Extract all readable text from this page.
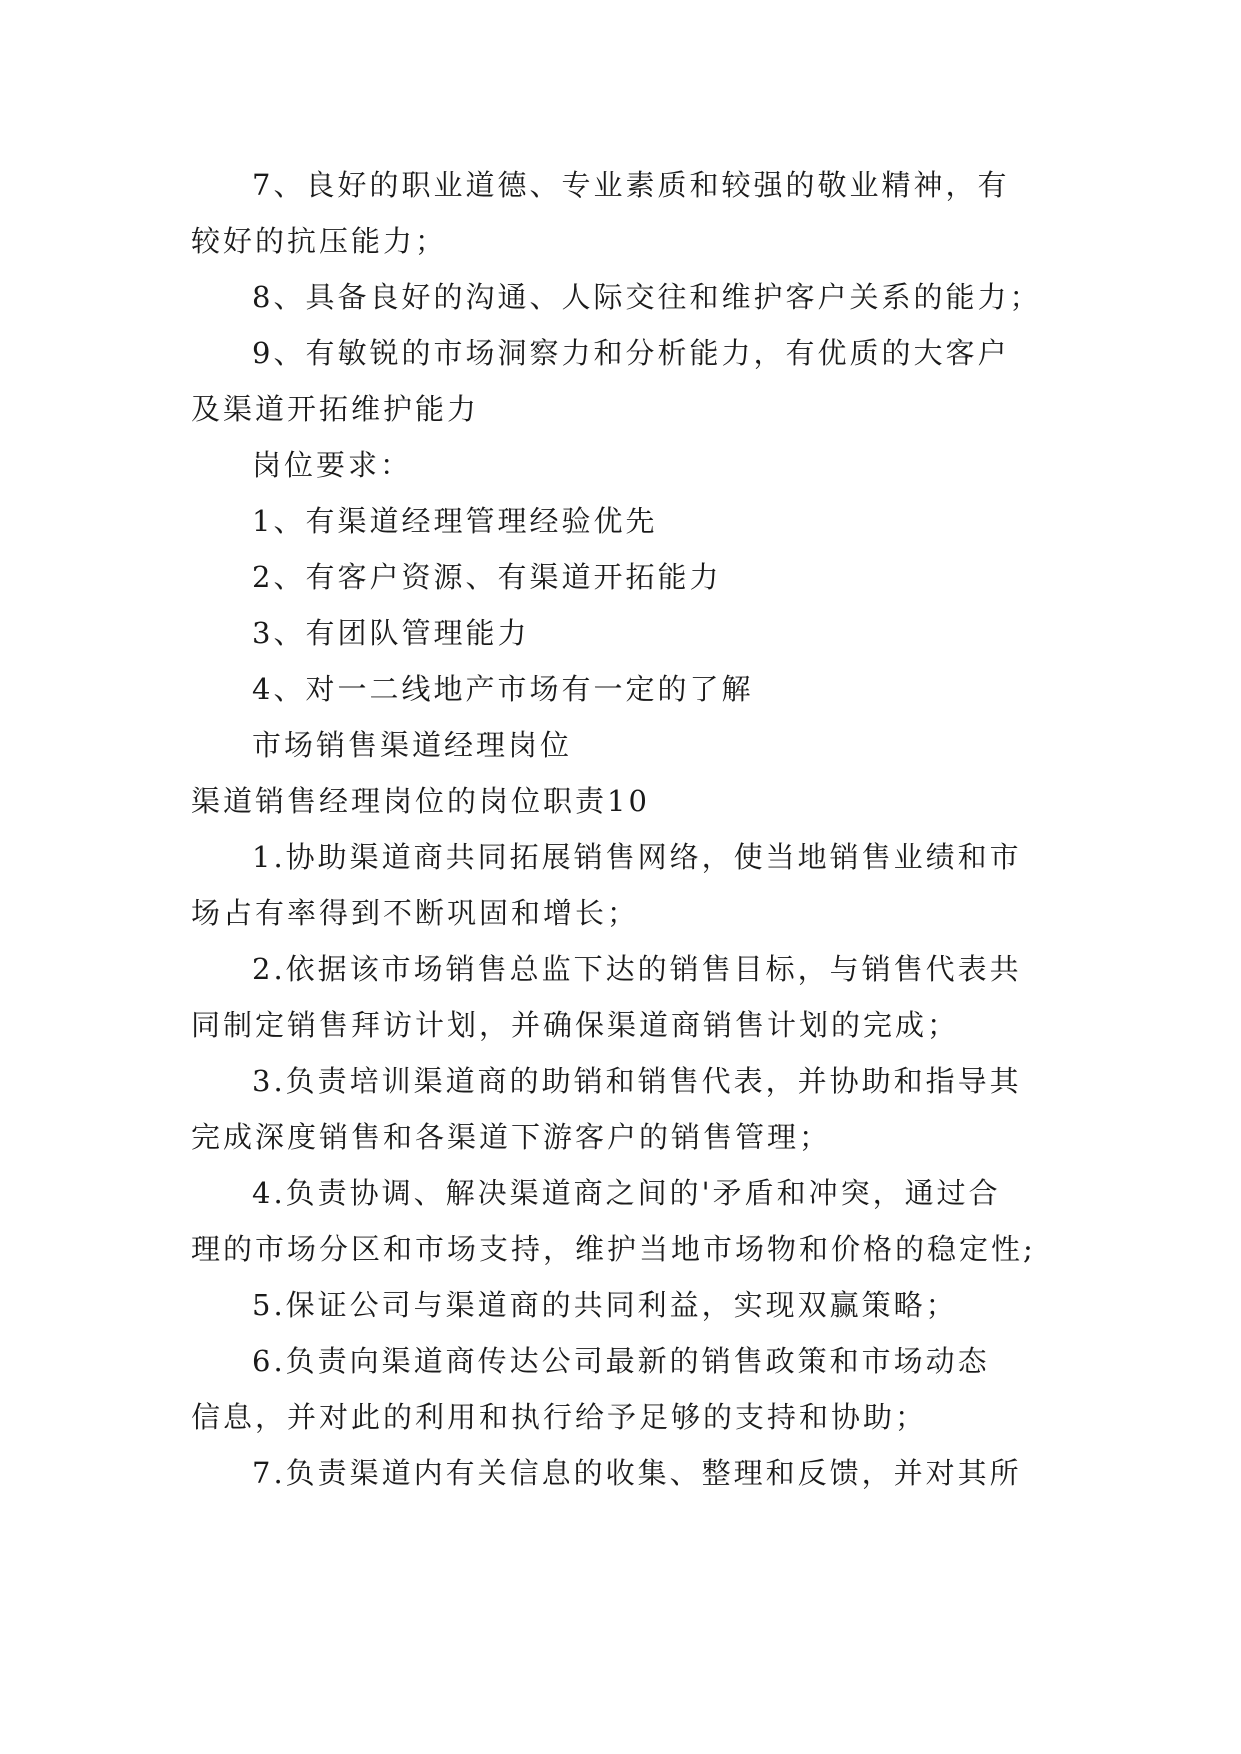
7、良好的职业道德、专业素质和较强的敬业精神，有
较好的抗压能力；
8、具备良好的沟通、人际交往和维护客户关系的能力；
9、有敏锐的市场洞察力和分析能力，有优质的大客户
及渠道开拓维护能力
岗位要求：
1、有渠道经理管理经验优先
2、有客户资源、有渠道开拓能力
3、有团队管理能力
4、对一二线地产市场有一定的了解
市场销售渠道经理岗位
渠道销售经理岗位的岗位职责10
1.协助渠道商共同拓展销售网络，使当地销售业绩和市
场占有率得到不断巩固和增长；
2.依据该市场销售总监下达的销售目标，与销售代表共
同制定销售拜访计划，并确保渠道商销售计划的完成；
3.负责培训渠道商的助销和销售代表，并协助和指导其
完成深度销售和各渠道下游客户的销售管理；
4.负责协调、解决渠道商之间的'矛盾和冲突，通过合
理的市场分区和市场支持，维护当地市场物和价格的稳定性;
5.保证公司与渠道商的共同利益，实现双赢策略；
6.负责向渠道商传达公司最新的销售政策和市场动态
信息，并对此的利用和执行给予足够的支持和协助；
7.负责渠道内有关信息的收集、整理和反馈，并对其所
